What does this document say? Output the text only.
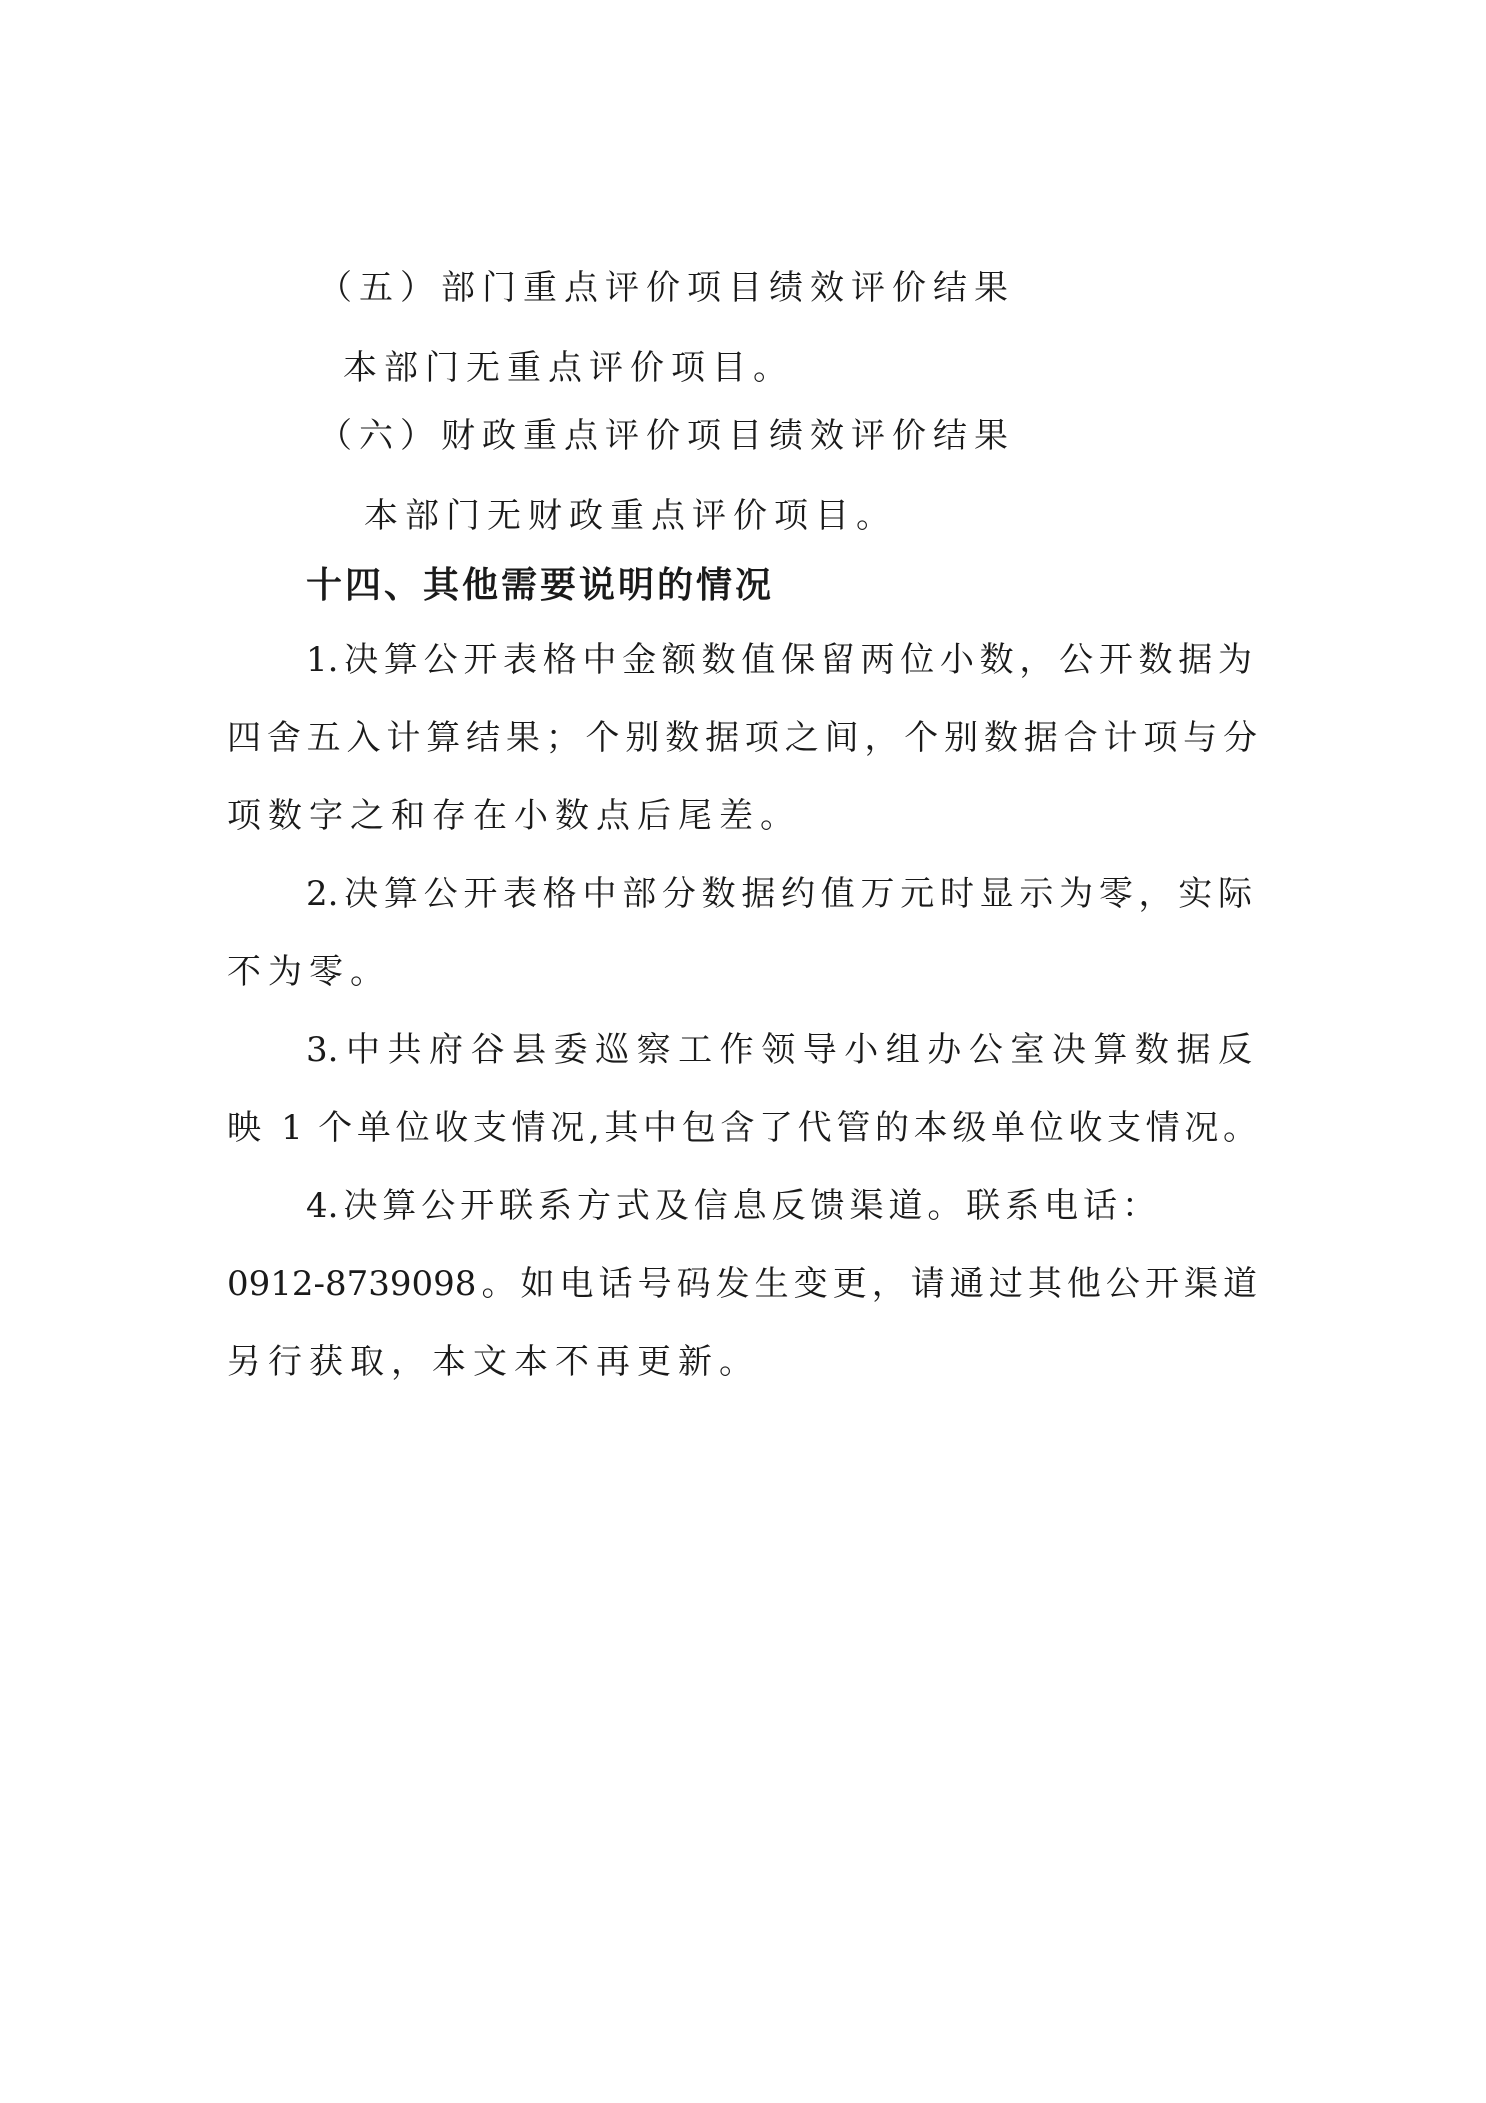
（五）部门重点评价项目绩效评价结果
本部门无重点评价项目。
（六）财政重点评价项目绩效评价结果
本部门无财政重点评价项目。
十四、其他需要说明的情况
1.决算公开表格中金额数值保留两位小数，公开数据为
四舍五入计算结果；个别数据项之间，个别数据合计项与分
项数字之和存在小数点后尾差。
2.决算公开表格中部分数据约值万元时显示为零，实际
不为零。
3.中共府谷县委巡察工作领导小组办公室决算数据反
映 1 个单位收支情况,其中包含了代管的本级单位收支情况。
4.决算公开联系方式及信息反馈渠道。联系电话：
0912-8739098。如电话号码发生变更，请通过其他公开渠道
另行获取，本文本不再更新。
